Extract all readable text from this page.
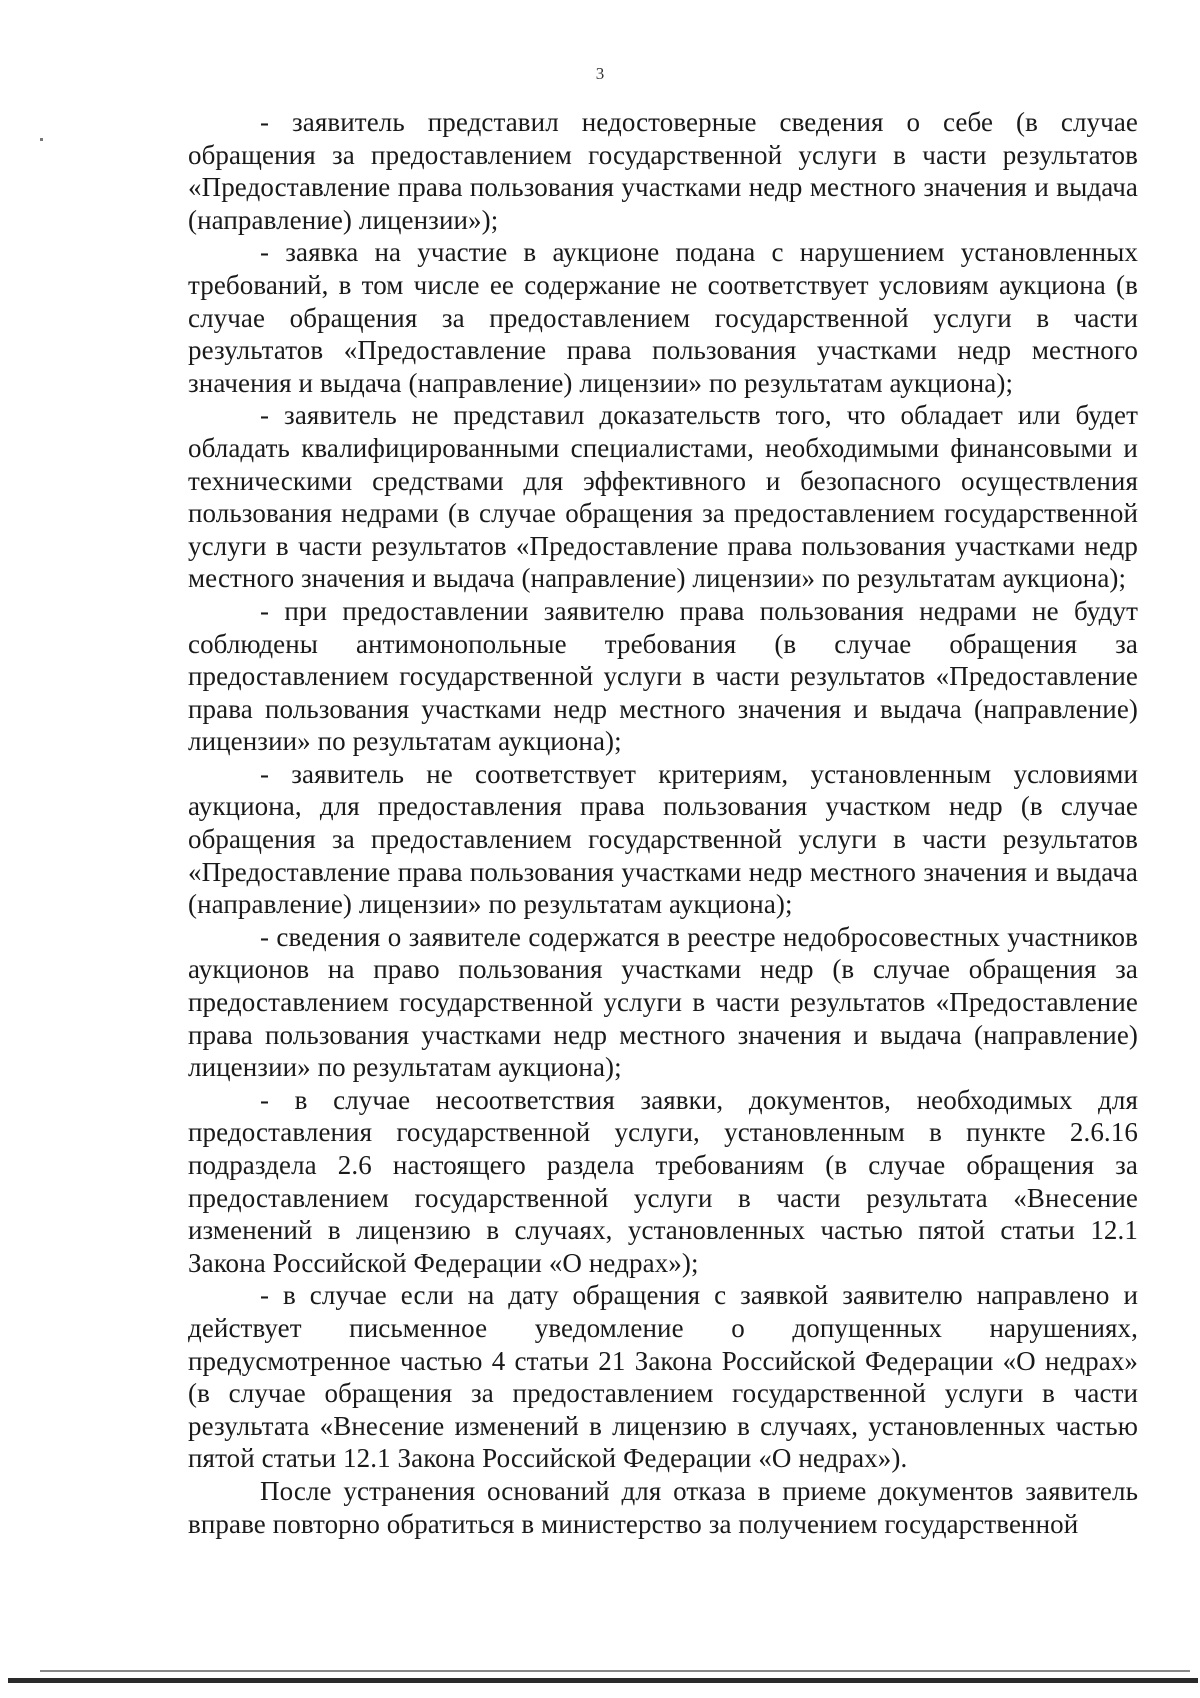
3

- заявитель представил недостоверные сведения о себе (в случае обращения за предоставлением государственной услуги в части результатов «Предоставление права пользования участками недр местного значения и выдача (направление) лицензии»);

- заявка на участие в аукционе подана с нарушением установленных требований, в том числе ее содержание не соответствует условиям аукциона (в случае обращения за предоставлением государственной услуги в части результатов «Предоставление права пользования участками недр местного значения и выдача (направление) лицензии» по результатам аукциона);

- заявитель не представил доказательств того, что обладает или будет обладать квалифицированными специалистами, необходимыми финансовыми и техническими средствами для эффективного и безопасного осуществления пользования недрами (в случае обращения за предоставлением государственной услуги в части результатов «Предоставление права пользования участками недр местного значения и выдача (направление) лицензии» по результатам аукциона);

- при предоставлении заявителю права пользования недрами не будут соблюдены антимонопольные требования (в случае обращения за предоставлением государственной услуги в части результатов «Предоставление права пользования участками недр местного значения и выдача (направление) лицензии» по результатам аукциона);

- заявитель не соответствует критериям, установленным условиями аукциона, для предоставления права пользования участком недр (в случае обращения за предоставлением государственной услуги в части результатов «Предоставление права пользования участками недр местного значения и выдача (направление) лицензии» по результатам аукциона);

- сведения о заявителе содержатся в реестре недобросовестных участников аукционов на право пользования участками недр (в случае обращения за предоставлением государственной услуги в части результатов «Предоставление права пользования участками недр местного значения и выдача (направление) лицензии» по результатам аукциона);

- в случае несоответствия заявки, документов, необходимых для предоставления государственной услуги, установленным в пункте 2.6.16 подраздела 2.6 настоящего раздела требованиям (в случае обращения за предоставлением государственной услуги в части результата «Внесение изменений в лицензию в случаях, установленных частью пятой статьи 12.1 Закона Российской Федерации «О недрах»);

- в случае если на дату обращения с заявкой заявителю направлено и действует письменное уведомление о допущенных нарушениях, предусмотренное частью 4 статьи 21 Закона Российской Федерации «О недрах» (в случае обращения за предоставлением государственной услуги в части результата «Внесение изменений в лицензию в случаях, установленных частью пятой статьи 12.1 Закона Российской Федерации «О недрах»).

После устранения оснований для отказа в приеме документов заявитель вправе повторно обратиться в министерство за получением государственной
